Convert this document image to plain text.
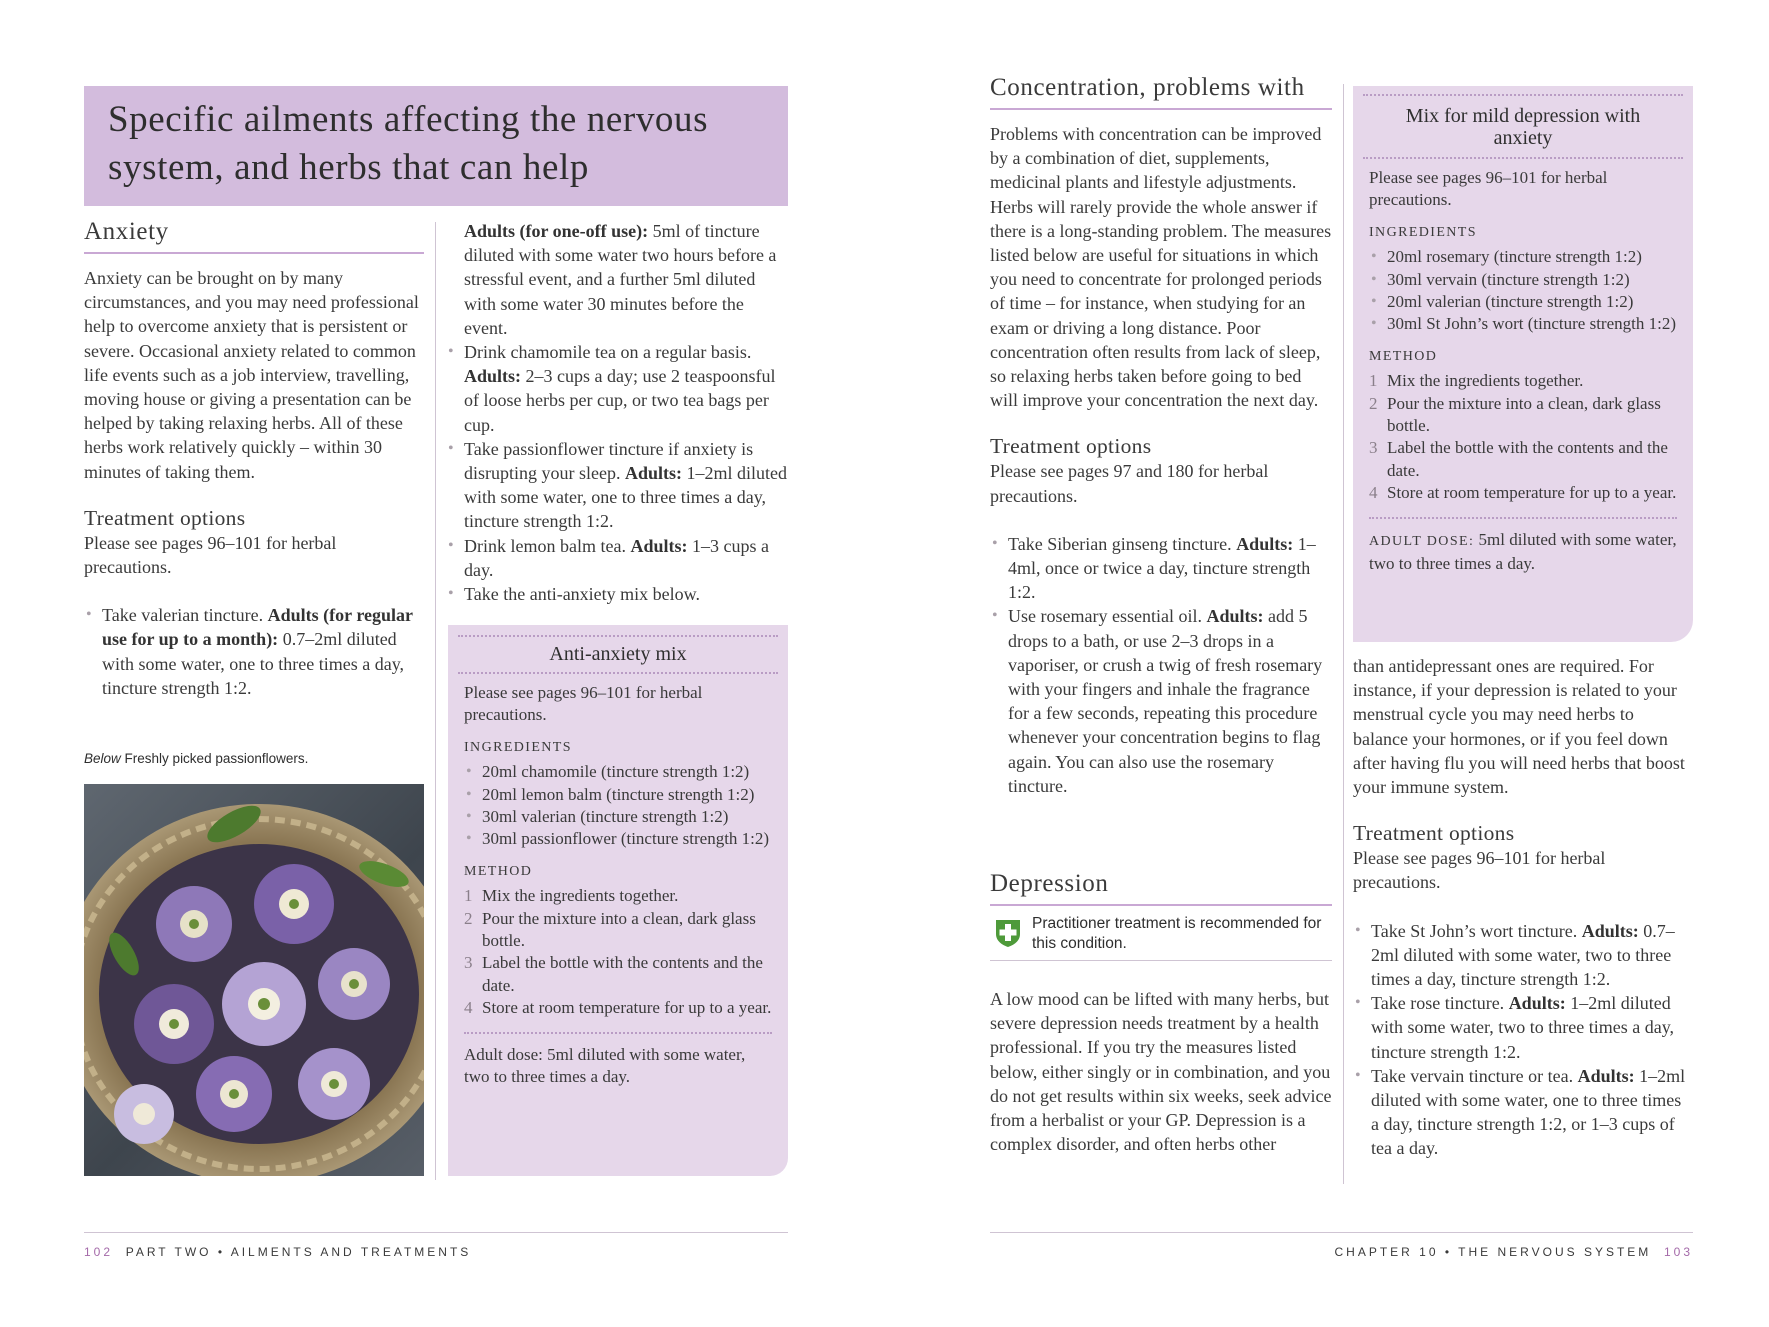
Specific ailments affecting the nervous system, and herbs that can help
Anxiety

Anxiety can be brought on by many circumstances, and you may need professional help to overcome anxiety that is persistent or severe. Occasional anxiety related to common life events such as a job interview, travelling, moving house or giving a presentation can be helped by taking relaxing herbs. All of these herbs work relatively quickly – within 30 minutes of taking them.

Treatment options

Please see pages 96–101 for herbal precautions.

• Take valerian tincture. Adults (for regular use for up to a month): 0.7–2ml diluted with some water, one to three times a day, tincture strength 1:2.
Below Freshly picked passionflowers.

Adults (for one-off use): 5ml of tincture diluted with some water two hours before a stressful event, and a further 5ml diluted with some water 30 minutes before the event.

• Drink chamomile tea on a regular basis. Adults: 2–3 cups a day; use 2 teaspoonsful of loose herbs per cup, or two tea bags per cup.
• Take passionflower tincture if anxiety is disrupting your sleep. Adults: 1–2ml diluted with some water, one to three times a day, tincture strength 1:2.
• Drink lemon balm tea. Adults: 1–3 cups a day.
• Take the anti-anxiety mix below.
Anti-anxiety mix

Please see pages 96–101 for herbal precautions.

INGREDIENTS
• 20ml chamomile (tincture strength 1:2)
• 20ml lemon balm (tincture strength 1:2)
• 30ml valerian (tincture strength 1:2)
• 30ml passionflower (tincture strength 1:2)
METHOD
1 Mix the ingredients together.
2 Pour the mixture into a clean, dark glass bottle.
3 Label the bottle with the contents and the date.
4 Store at room temperature for up to a year.

Adult dose: 5ml diluted with some water, two to three times a day.

102 PART TWO • AILMENTS AND TREATMENTS
Concentration, problems with

Problems with concentration can be improved by a combination of diet, supplements, medicinal plants and lifestyle adjustments. Herbs will rarely provide the whole answer if there is a long-standing problem. The measures listed below are useful for situations in which you need to concentrate for prolonged periods of time – for instance, when studying for an exam or driving a long distance. Poor concentration often results from lack of sleep, so relaxing herbs taken before going to bed will improve your concentration the next day.

Treatment options

Please see pages 97 and 180 for herbal precautions.

• Take Siberian ginseng tincture. Adults: 1–4ml, once or twice a day, tincture strength 1:2.
• Use rosemary essential oil. Adults: add 5 drops to a bath, or use 2–3 drops in a vaporiser, or crush a twig of fresh rosemary with your fingers and inhale the fragrance for a few seconds, repeating this procedure whenever your concentration begins to flag again. You can also use the rosemary tincture.
Depression
Practitioner treatment is recommended for this condition.

A low mood can be lifted with many herbs, but severe depression needs treatment by a health professional. If you try the measures listed below, either singly or in combination, and you do not get results within six weeks, seek advice from a herbalist or your GP. Depression is a complex disorder, and often herbs other

Mix for mild depression with anxiety

Please see pages 96–101 for herbal precautions.

INGREDIENTS
• 20ml rosemary (tincture strength 1:2)
• 30ml vervain (tincture strength 1:2)
• 20ml valerian (tincture strength 1:2)
• 30ml St John’s wort (tincture strength 1:2)
METHOD
1 Mix the ingredients together.
2 Pour the mixture into a clean, dark glass bottle.
3 Label the bottle with the contents and the date.
4 Store at room temperature for up to a year.

ADULT DOSE: 5ml diluted with some water, two to three times a day.

than antidepressant ones are required. For instance, if your depression is related to your menstrual cycle you may need herbs to balance your hormones, or if you feel down after having flu you will need herbs that boost your immune system.

Treatment options

Please see pages 96–101 for herbal precautions.

• Take St John’s wort tincture. Adults: 0.7–2ml diluted with some water, two to three times a day, tincture strength 1:2.
• Take rose tincture. Adults: 1–2ml diluted with some water, two to three times a day, tincture strength 1:2.
• Take vervain tincture or tea. Adults: 1–2ml diluted with some water, one to three times a day, tincture strength 1:2, or 1–3 cups of tea a day.
CHAPTER 10 • THE NERVOUS SYSTEM 103
